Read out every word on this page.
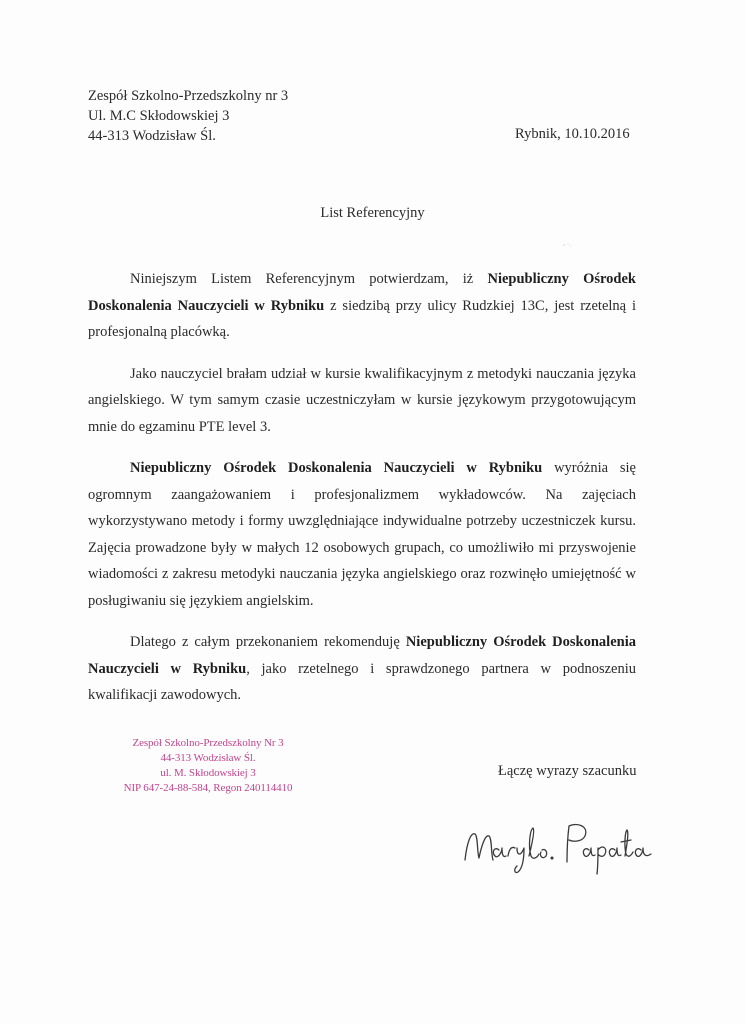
Zespół Szkolno-Przedszkolny nr 3
Ul. M.C Skłodowskiej 3
44-313 Wodzisław Śl.	Rybnik, 10.10.2016
List Referencyjny

Niniejszym Listem Referencyjnym potwierdzam, iż Niepubliczny Ośrodek Doskonalenia Nauczycieli w Rybniku z siedzibą przy ulicy Rudzkiej 13C, jest rzetelną i profesjonalną placówką.

Jako nauczyciel brałam udział w kursie kwalifikacyjnym z metodyki nauczania języka angielskiego. W tym samym czasie uczestniczyłam w kursie językowym przygotowującym mnie do egzaminu PTE level 3.

Niepubliczny Ośrodek Doskonalenia Nauczycieli w Rybniku wyróżnia się ogromnym zaangażowaniem i profesjonalizmem wykładowców. Na zajęciach wykorzystywano metody i formy uwzględniające indywidualne potrzeby uczestniczek kursu. Zajęcia prowadzone były w małych 12 osobowych grupach, co umożliwiło mi przyswojenie wiadomości z zakresu metodyki nauczania języka angielskiego oraz rozwinęło umiejętność w posługiwaniu się językiem angielskim.

Dlatego z całym przekonaniem rekomenduję Niepubliczny Ośrodek Doskonalenia Nauczycieli w Rybniku, jako rzetelnego i sprawdzonego partnera w podnoszeniu kwalifikacji zawodowych.

Zespół Szkolno-Przedszkolny Nr 3
44-313 Wodzisław Śl.
ul. M. Skłodowskiej 3
NIP 647-24-88-584, Regon 240114410
Łączę wyrazy szacunku
